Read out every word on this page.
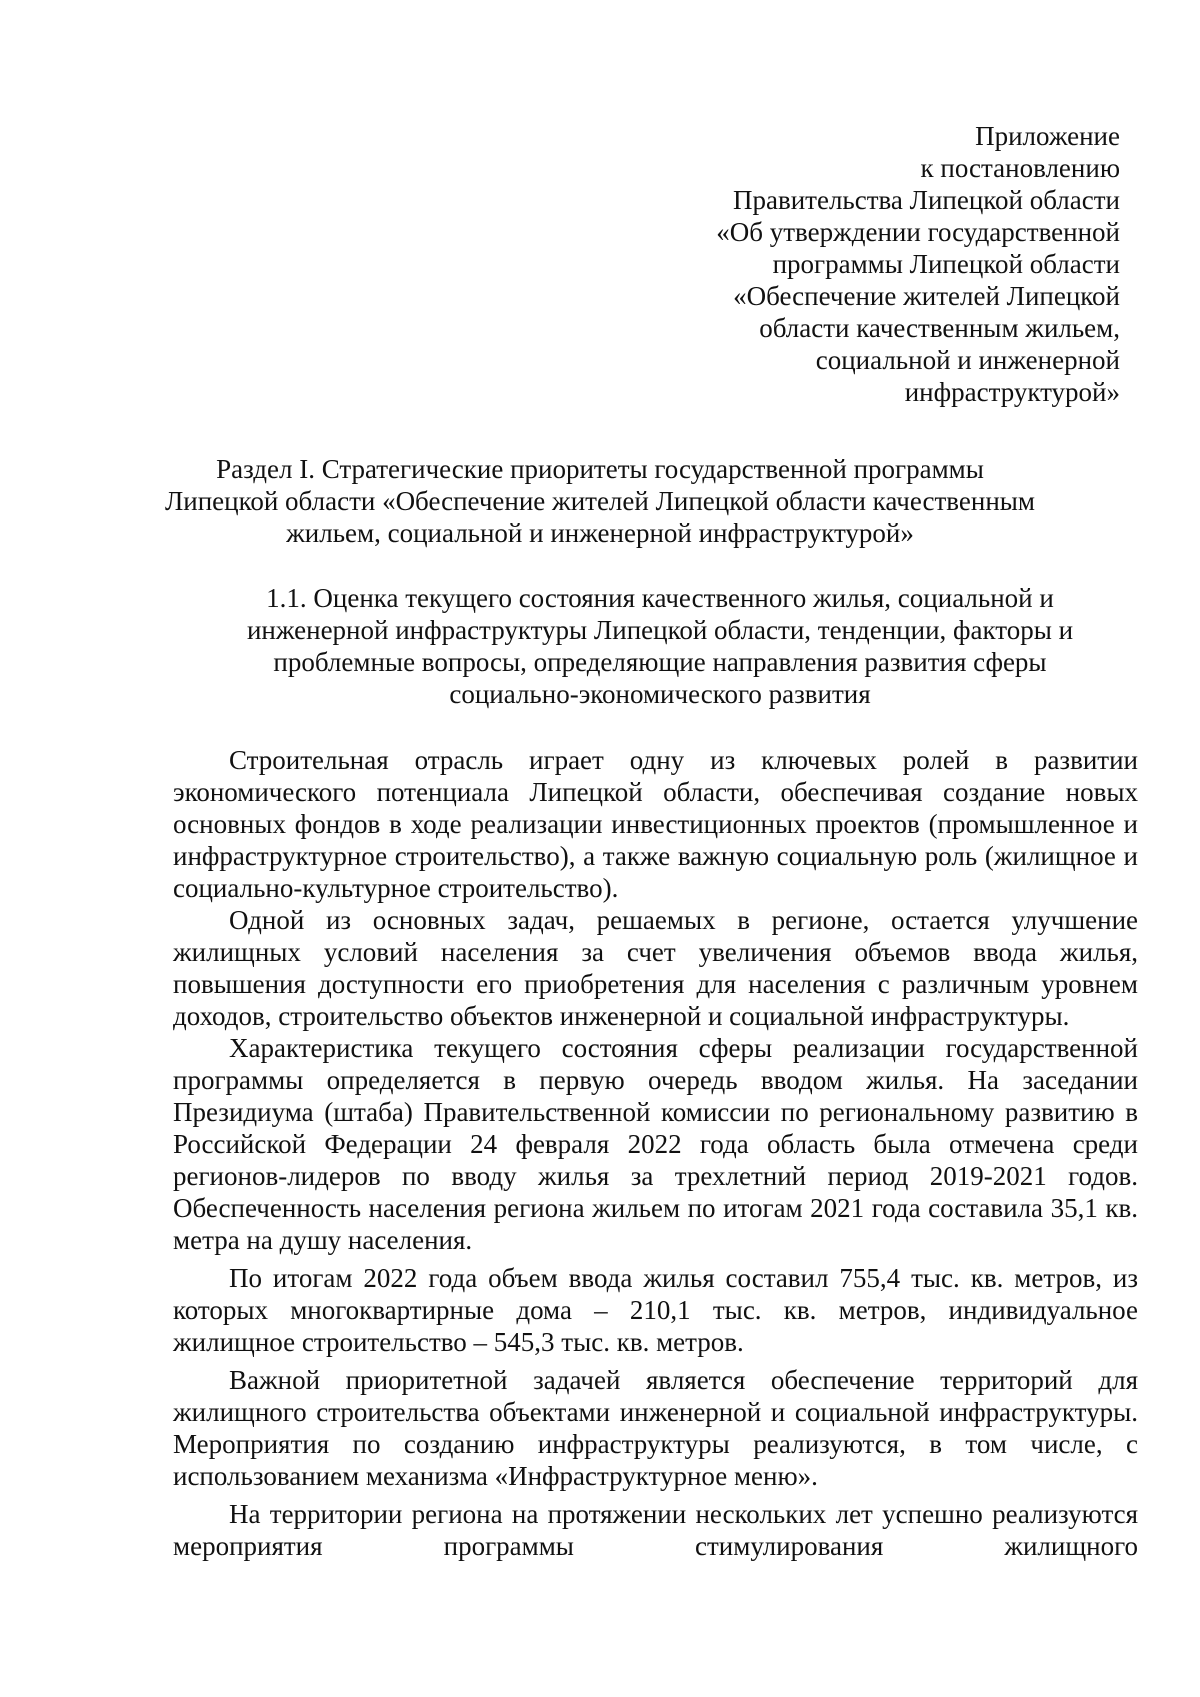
Приложение
к постановлению
Правительства Липецкой области
«Об утверждении государственной
программы Липецкой области
«Обеспечение жителей Липецкой
области качественным жильем,
социальной и инженерной
инфраструктурой»
Раздел I. Стратегические приоритеты государственной программы
Липецкой области «Обеспечение жителей Липецкой области качественным
жильем, социальной и инженерной инфраструктурой»
1.1. Оценка текущего состояния качественного жилья, социальной и
инженерной инфраструктуры Липецкой области, тенденции, факторы и
проблемные вопросы, определяющие направления развития сферы
социально-экономического развития

Строительная отрасль играет одну из ключевых ролей в развитии экономического потенциала Липецкой области, обеспечивая создание новых основных фондов в ходе реализации инвестиционных проектов (промышленное и инфраструктурное строительство), а также важную социальную роль (жилищное и социально-культурное строительство).

Одной из основных задач, решаемых в регионе, остается улучшение жилищных условий населения за счет увеличения объемов ввода жилья, повышения доступности его приобретения для населения с различным уровнем доходов, строительство объектов инженерной и социальной инфраструктуры.

Характеристика текущего состояния сферы реализации государственной программы определяется в первую очередь вводом жилья. На заседании Президиума (штаба) Правительственной комиссии по региональному развитию в Российской Федерации 24 февраля 2022 года область была отмечена среди регионов-лидеров по вводу жилья за трехлетний период 2019-2021 годов. Обеспеченность населения региона жильем по итогам 2021 года составила 35,1 кв. метра на душу населения.

По итогам 2022 года объем ввода жилья составил 755,4 тыс. кв. метров, из которых многоквартирные дома – 210,1 тыс. кв. метров, индивидуальное жилищное строительство – 545,3 тыс. кв. метров.

Важной приоритетной задачей является обеспечение территорий для жилищного строительства объектами инженерной и социальной инфраструктуры. Мероприятия по созданию инфраструктуры реализуются, в том числе, с использованием механизма «Инфраструктурное меню».

На территории региона на протяжении нескольких лет успешно реализуются мероприятия программы стимулирования жилищного
